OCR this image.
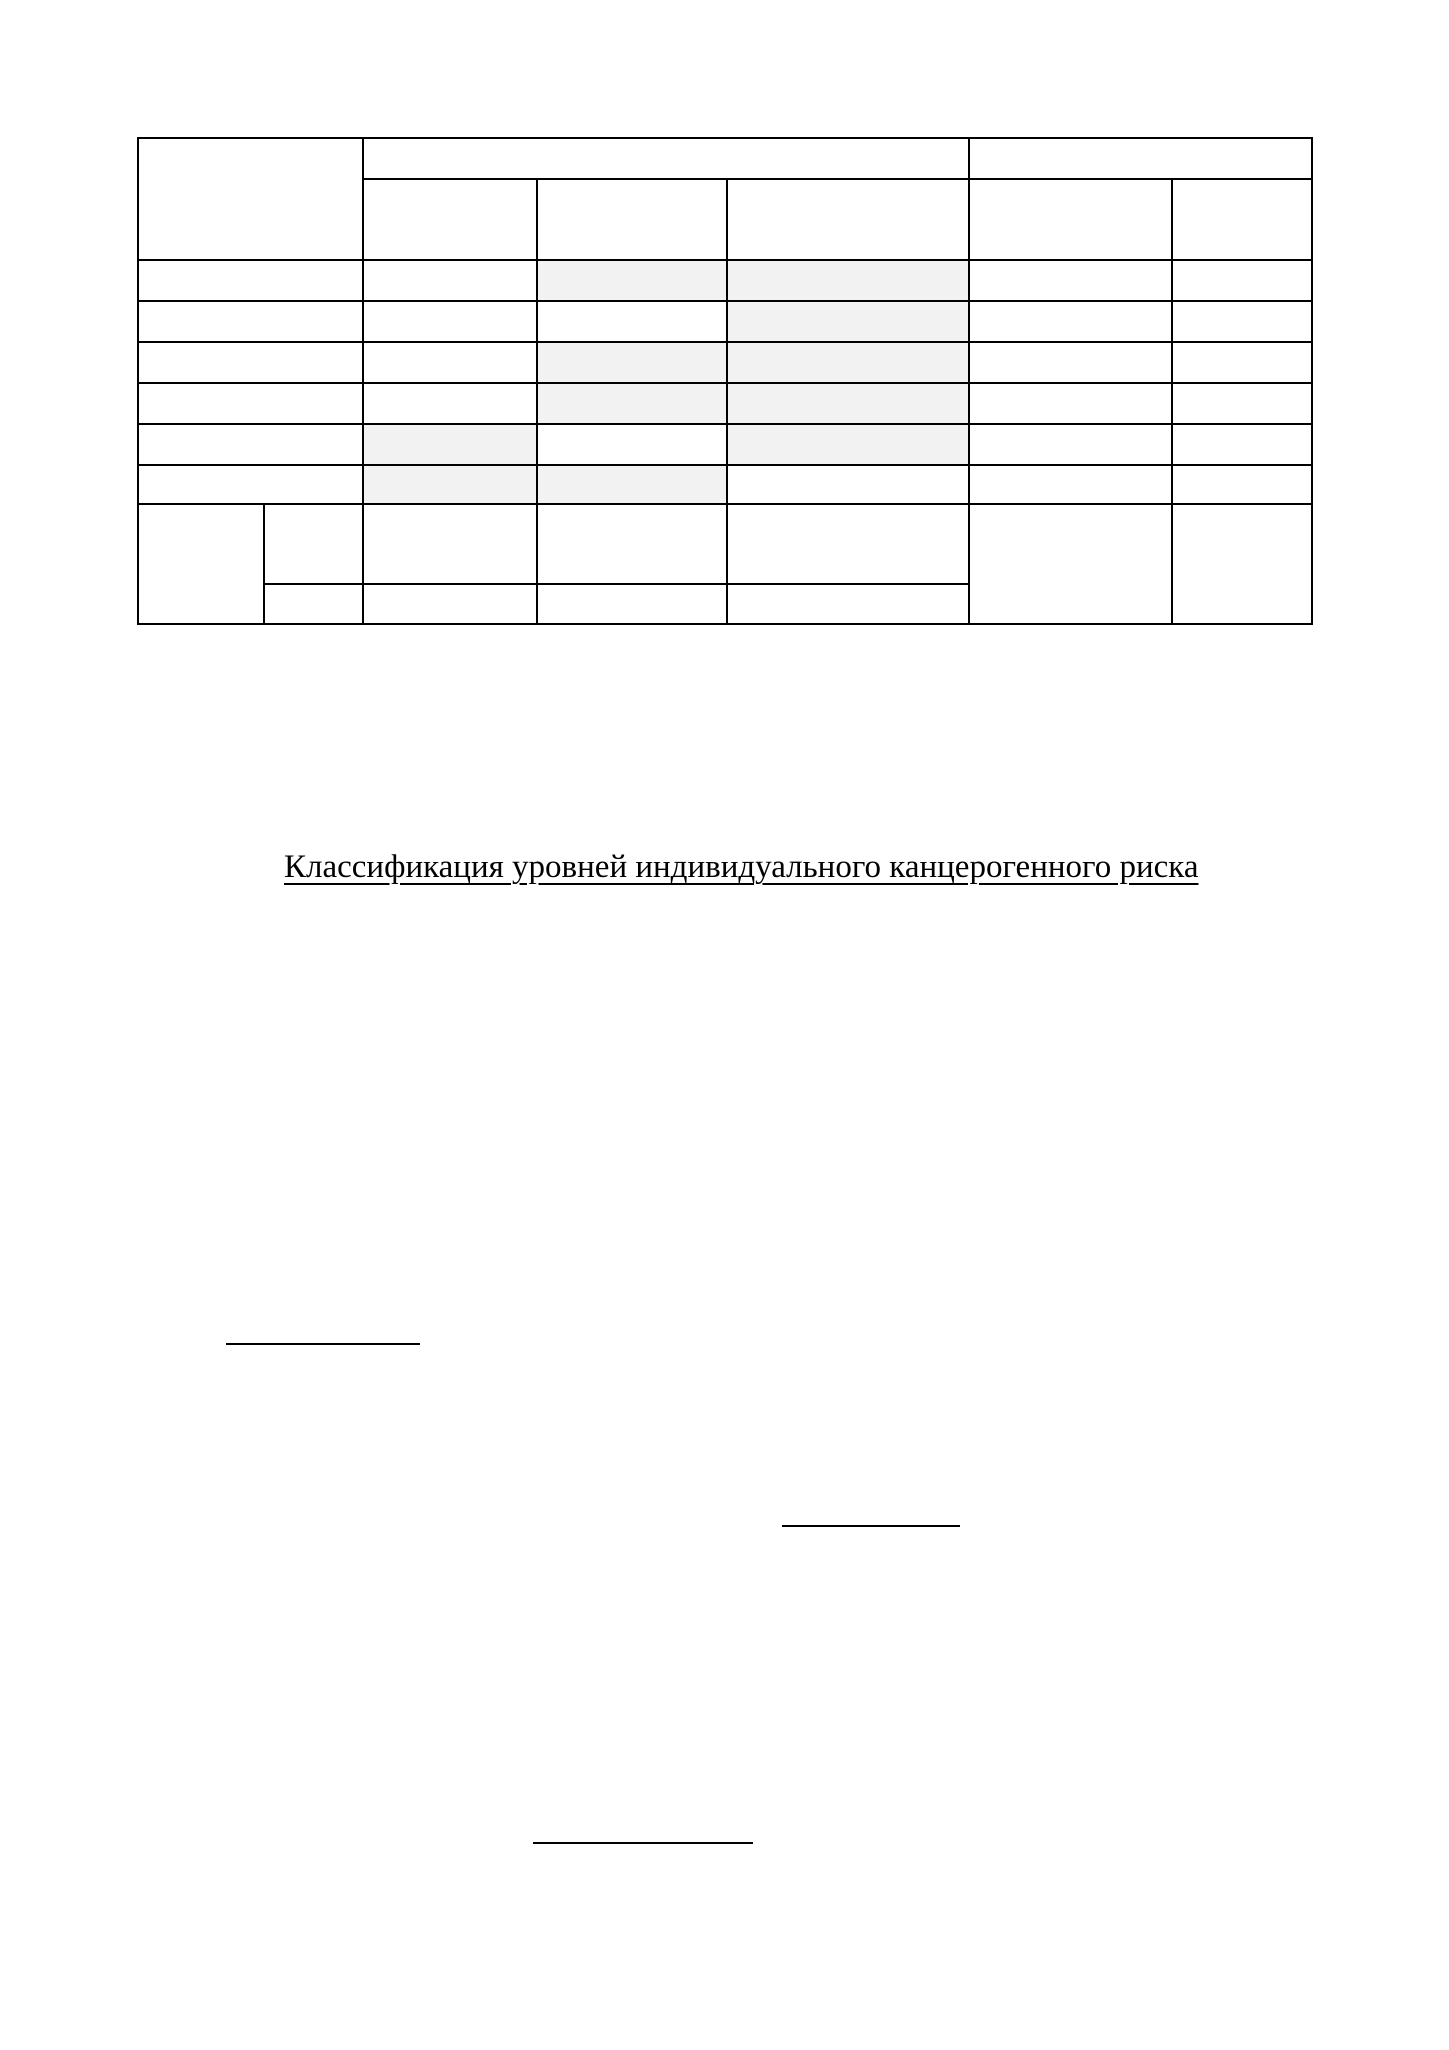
Классификация уровней индивидуального канцерогенного риска
